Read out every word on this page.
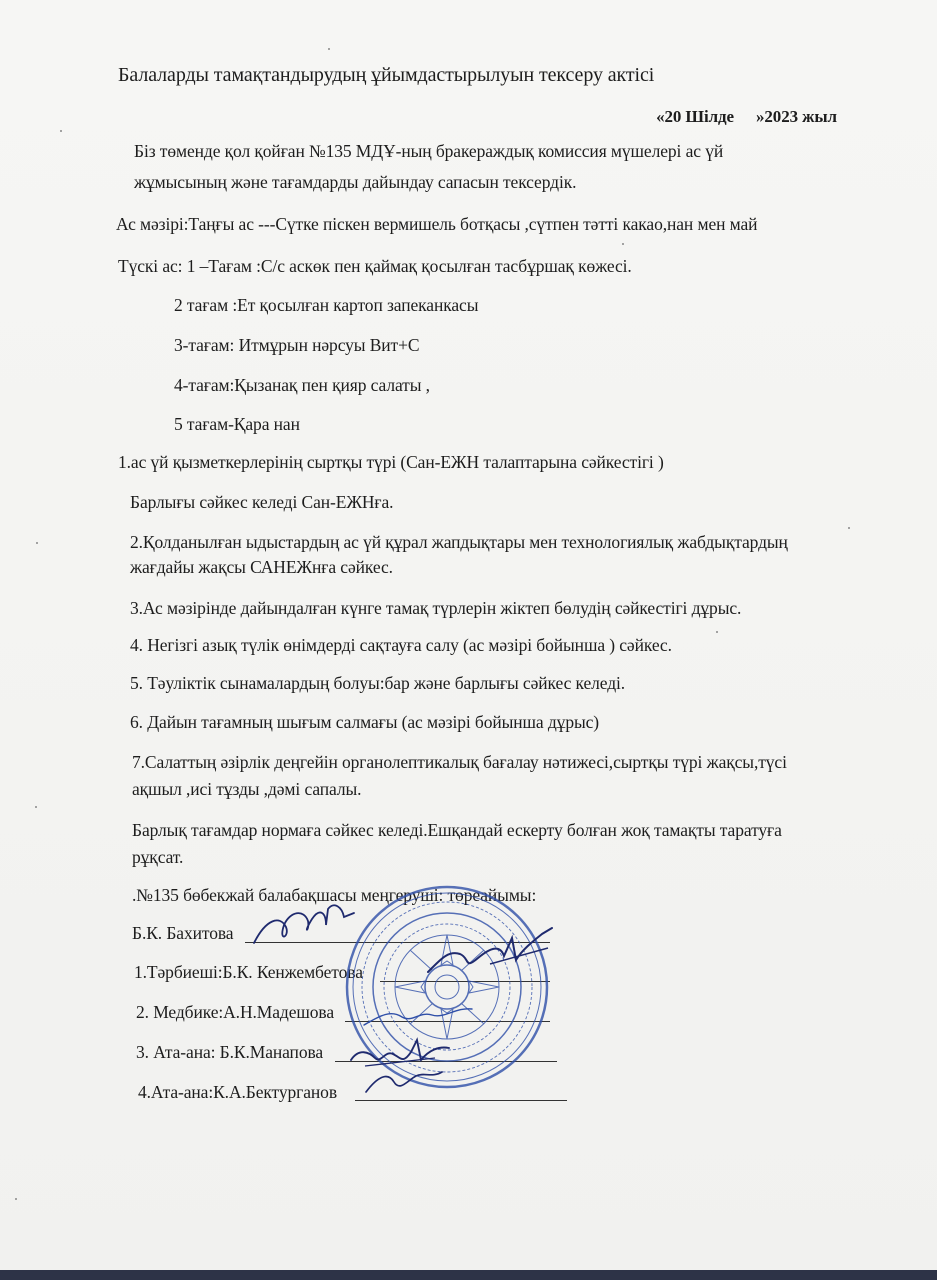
Балаларды тамақтандырудың ұйымдастырылуын тексеру актісі
«20 Шілде »2023 жыл
Біз төменде қол қойған №135 МДҰ-ның бракераждық комиссия мүшелері ас үй
жұмысының және тағамдарды дайындау сапасын тексердік.
Ас мәзірі:Таңғы ас ---Сүтке піскен вермишель ботқасы ,сүтпен тәтті какао,нан мен май
Түскі ас: 1 –Тағам :С/с аскөк пен қаймақ қосылған тасбұршақ көжесі.
2 тағам :Ет қосылған картоп запеканкасы
3-тағам: Итмұрын нәрсуы Вит+С
4-тағам:Қызанақ пен қияр салаты ,
5 тағам-Қара нан
1.ас үй қызметкерлерінің сыртқы түрі (Сан-ЕЖН талаптарына сәйкестігі )
Барлығы сәйкес келеді Сан-ЕЖНға.
2.Қолданылған ыдыстардың ас үй құрал жапдықтары мен технологиялық жабдықтардың
жағдайы жақсы САНЕЖнға сәйкес.
3.Ас мәзірінде дайындалған күнге тамақ түрлерін жіктеп бөлудің сәйкестігі дұрыс.
4. Негізгі азық түлік өнімдерді сақтауға салу (ас мәзірі бойынша ) сәйкес.
5. Тәуліктік сынамалардың болуы:бар және барлығы сәйкес келеді.
6. Дайын тағамның шығым салмағы (ас мәзірі бойынша дұрыс)
7.Салаттың әзірлік деңгейін органолептикалық бағалау нәтижесі,сыртқы түрі жақсы,түсі
ақшыл ,исі тұзды ,дәмі сапалы.
Барлық тағамдар нормаға сәйкес келеді.Ешқандай ескерту болған жоқ тамақты таратуға
рұқсат.
.№135 бөбекжай балабақшасы меңгеруші: төреайымы:
Б.К. Бахитова
1.Тәрбиеші:Б.К. Кенжембетова
2. Медбике:А.Н.Мадешова
3. Ата-ана: Б.К.Манапова
4.Ата-ана:К.А.Бектурганов
